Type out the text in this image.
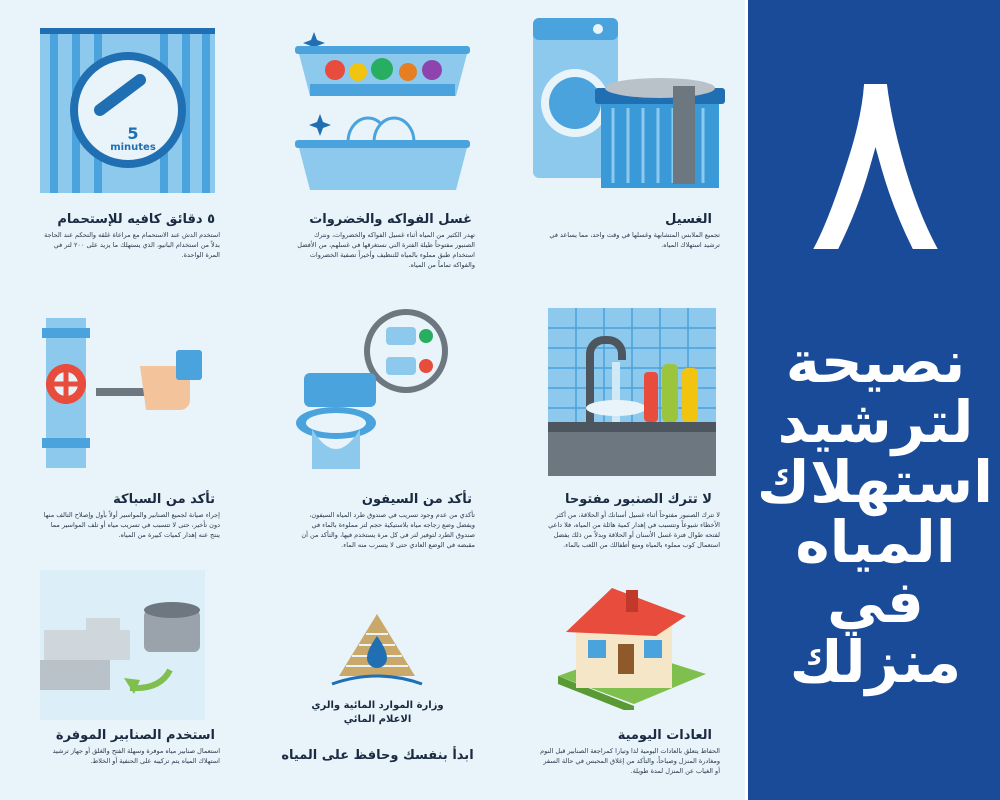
الغسيل
تجميع الملابس المتشابهة وغسلها في وقت واحد، مما يساعد في ترشيد استهلاك المياه.
غسل الفواكه والخضروات
تهدر الكثير من المياه أثناء غسيل الفواكه والخضروات، ونترك الصنبور مفتوحاً طيلة الفترة التي نستغرقها في غسلهم، من الأفضل استخدام طبق مملوء بالمياه للتنظيف وأخيراً تصفية الخضروات والفواكه تماماً من المياه.
5
minutes
٥ دقائق كافيه للإستحمام
استخدم الدش عند الاستحمام مع مراعاة غلقه والتحكم عند الحاجة بدلاً من استخدام البانيو، الذي يستهلك ما يزيد على ٢٠٠ لتر في المرة الواحدة.
لا تترك الصنبور مفتوحا
لا تترك الصنبور مفتوحاً أثناء غسيل أسنانك أو الحلاقة، من أكثر الأخطاء شيوعاً وتتسبب في إهدار كمية هائلة من المياه، فلا داعي لفتحه طوال فترة غسل الأسنان أو الحلاقة وبدلاً من ذلك يفضل استعمال كوب مملوء بالمياه ومنع أطفالك من اللعب بالماء.
تأكد من السيفون
تأكدي من عدم وجود تسريب في صندوق طرد المياه السيفون، ويفضل وضع زجاجه مياه بلاستيكية حجم لتر مملوءة بالماء في صندوق الطرد لتوفير لتر في كل مرة يستخدم فيها، والتأكد من أن مقبضه في الوضع العادي حتى لا يتسرب منه الماء.
تأكد من السباكة
إجراء صيانة لجميع الصنابير والمواسير أولاً بأول وإصلاح التالف منها دون تأخير، حتى لا تتسبب في تسريب مياه أو تلف المواسير مما ينتج عنه إهدار كميات كبيرة من المياه.
العادات اليومية
الحفاظ يتعلق بالعادات اليومية لذا وتيارا كمراجعة الصنابير قبل النوم ومغادرة المنزل وصباحاً، والتأكد من إغلاق المحبس في حالة السفر أو الغياب عن المنزل لمدة طويلة.
وزارة الموارد المائية والري
الاعلام المائي
ابدأ بنفسك وحافظ على المياه
استخدم الصنابير الموفرة
استعمال صنابير مياه موفرة وسهلة الفتح والغلق أو جهاز ترشيد استهلاك المياه يتم تركيبه على الحنفية أو الخلاط.
٨
نصيحة
لترشيد
استهلاك
المياه
في
منزلك
